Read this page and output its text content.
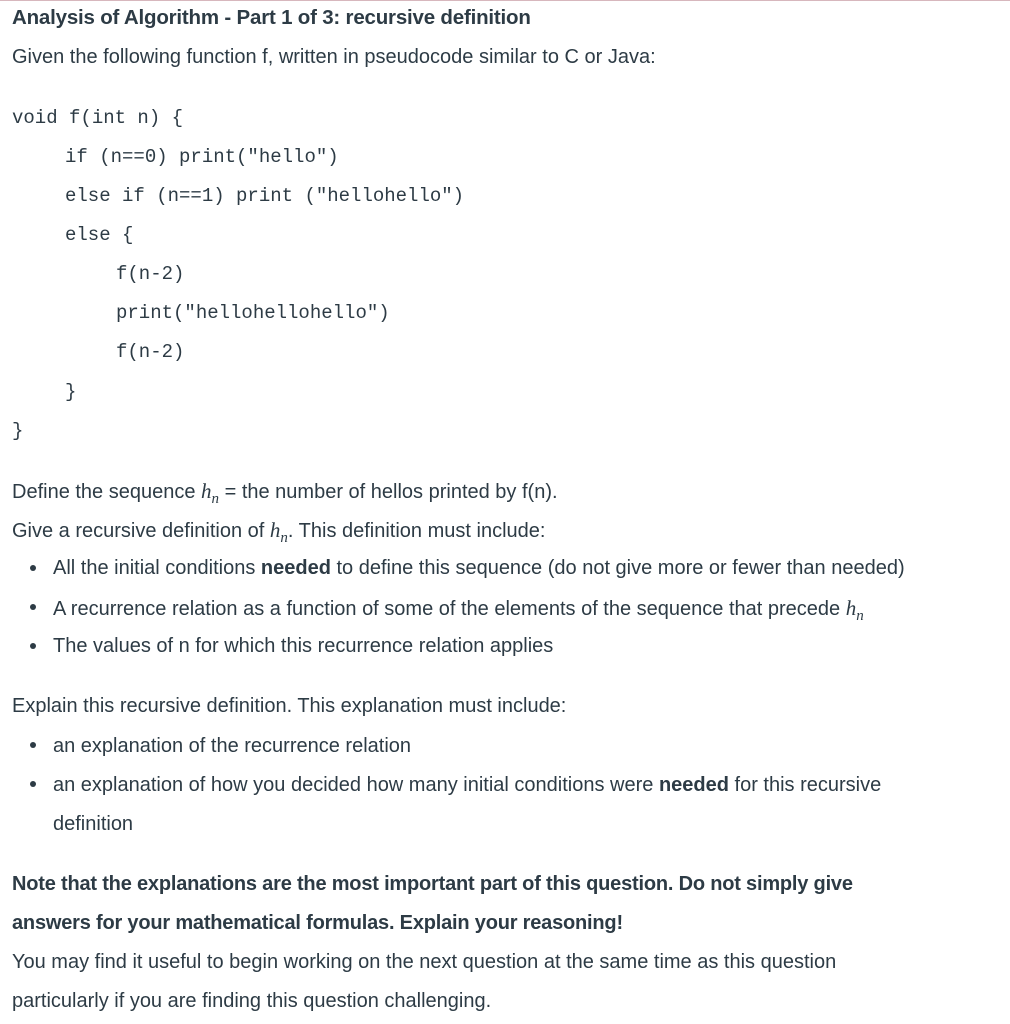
Analysis of Algorithm - Part 1 of 3: recursive definition
Given the following function f, written in pseudocode similar to C or Java:
void f(int n) {
if (n==0) print("hello")
else if (n==1) print ("hellohello")
else {
f(n-2)
print("hellohellohello")
f(n-2)
}
}
Define the sequence $h_n$ = the number of hellos printed by f(n).
Give a recursive definition of $h_n$. This definition must include:
All the initial conditions needed to define this sequence (do not give more or fewer than needed)
A recurrence relation as a function of some of the elements of the sequence that precede $h_n$
The values of n for which this recurrence relation applies
Explain this recursive definition. This explanation must include:
an explanation of the recurrence relation
an explanation of how you decided how many initial conditions were needed for this recursive
definition
Note that the explanations are the most important part of this question. Do not simply give
answers for your mathematical formulas. Explain your reasoning!
You may find it useful to begin working on the next question at the same time as this question
particularly if you are finding this question challenging.
